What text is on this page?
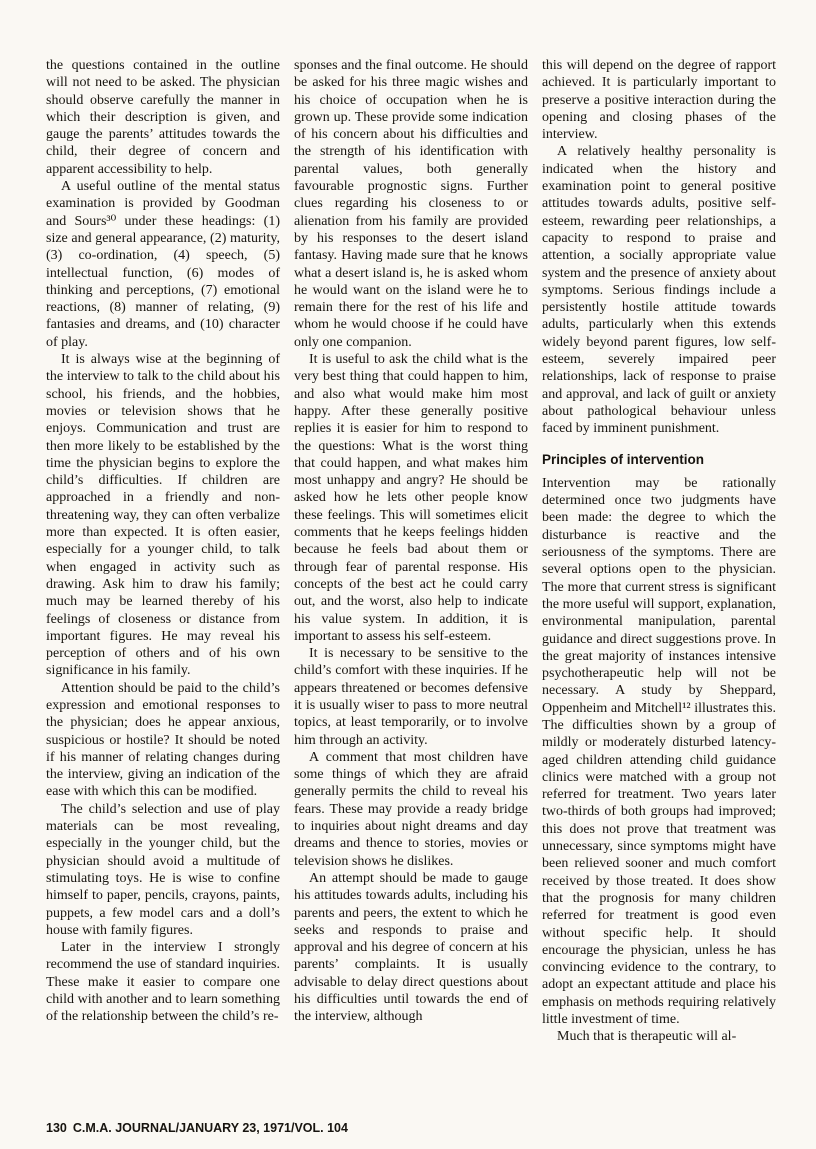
the questions contained in the outline will not need to be asked. The physician should observe carefully the manner in which their description is given, and gauge the parents’ attitudes towards the child, their degree of concern and apparent accessibility to help.

A useful outline of the mental status examination is provided by Goodman and Sours³⁰ under these headings: (1) size and general appearance, (2) maturity, (3) co-ordination, (4) speech, (5) intellectual function, (6) modes of thinking and perceptions, (7) emotional reactions, (8) manner of relating, (9) fantasies and dreams, and (10) character of play.

It is always wise at the beginning of the interview to talk to the child about his school, his friends, and the hobbies, movies or television shows that he enjoys. Communication and trust are then more likely to be established by the time the physician begins to explore the child’s difficulties. If children are approached in a friendly and non-threatening way, they can often verbalize more than expected. It is often easier, especially for a younger child, to talk when engaged in activity such as drawing. Ask him to draw his family; much may be learned thereby of his feelings of closeness or distance from important figures. He may reveal his perception of others and of his own significance in his family.

Attention should be paid to the child’s expression and emotional responses to the physician; does he appear anxious, suspicious or hostile? It should be noted if his manner of relating changes during the interview, giving an indication of the ease with which this can be modified.

The child’s selection and use of play materials can be most revealing, especially in the younger child, but the physician should avoid a multitude of stimulating toys. He is wise to confine himself to paper, pencils, crayons, paints, puppets, a few model cars and a doll’s house with family figures.

Later in the interview I strongly recommend the use of standard inquiries. These make it easier to compare one child with another and to learn something of the relationship between the child’s re-

sponses and the final outcome. He should be asked for his three magic wishes and his choice of occupation when he is grown up. These provide some indication of his concern about his difficulties and the strength of his identification with parental values, both generally favourable prognostic signs. Further clues regarding his closeness to or alienation from his family are provided by his responses to the desert island fantasy. Having made sure that he knows what a desert island is, he is asked whom he would want on the island were he to remain there for the rest of his life and whom he would choose if he could have only one companion.

It is useful to ask the child what is the very best thing that could happen to him, and also what would make him most happy. After these generally positive replies it is easier for him to respond to the questions: What is the worst thing that could happen, and what makes him most unhappy and angry? He should be asked how he lets other people know these feelings. This will sometimes elicit comments that he keeps feelings hidden because he feels bad about them or through fear of parental response. His concepts of the best act he could carry out, and the worst, also help to indicate his value system. In addition, it is important to assess his self-esteem.

It is necessary to be sensitive to the child’s comfort with these inquiries. If he appears threatened or becomes defensive it is usually wiser to pass to more neutral topics, at least temporarily, or to involve him through an activity.

A comment that most children have some things of which they are afraid generally permits the child to reveal his fears. These may provide a ready bridge to inquiries about night dreams and day dreams and thence to stories, movies or television shows he dislikes.

An attempt should be made to gauge his attitudes towards adults, including his parents and peers, the extent to which he seeks and responds to praise and approval and his degree of concern at his parents’ complaints. It is usually advisable to delay direct questions about his difficulties until towards the end of the interview, although

this will depend on the degree of rapport achieved. It is particularly important to preserve a positive interaction during the opening and closing phases of the interview.

A relatively healthy personality is indicated when the history and examination point to general positive attitudes towards adults, positive self-esteem, rewarding peer relationships, a capacity to respond to praise and attention, a socially appropriate value system and the presence of anxiety about symptoms. Serious findings include a persistently hostile attitude towards adults, particularly when this extends widely beyond parent figures, low self-esteem, severely impaired peer relationships, lack of response to praise and approval, and lack of guilt or anxiety about pathological behaviour unless faced by imminent punishment.

Principles of intervention

Intervention may be rationally determined once two judgments have been made: the degree to which the disturbance is reactive and the seriousness of the symptoms. There are several options open to the physician. The more that current stress is significant the more useful will support, explanation, environmental manipulation, parental guidance and direct suggestions prove. In the great majority of instances intensive psychotherapeutic help will not be necessary. A study by Sheppard, Oppenheim and Mitchell¹² illustrates this. The difficulties shown by a group of mildly or moderately disturbed latency-aged children attending child guidance clinics were matched with a group not referred for treatment. Two years later two-thirds of both groups had improved; this does not prove that treatment was unnecessary, since symptoms might have been relieved sooner and much comfort received by those treated. It does show that the prognosis for many children referred for treatment is good even without specific help. It should encourage the physician, unless he has convincing evidence to the contrary, to adopt an expectant attitude and place his emphasis on methods requiring relatively little investment of time.

Much that is therapeutic will al-

130 C.M.A. JOURNAL/JANUARY 23, 1971/VOL. 104
